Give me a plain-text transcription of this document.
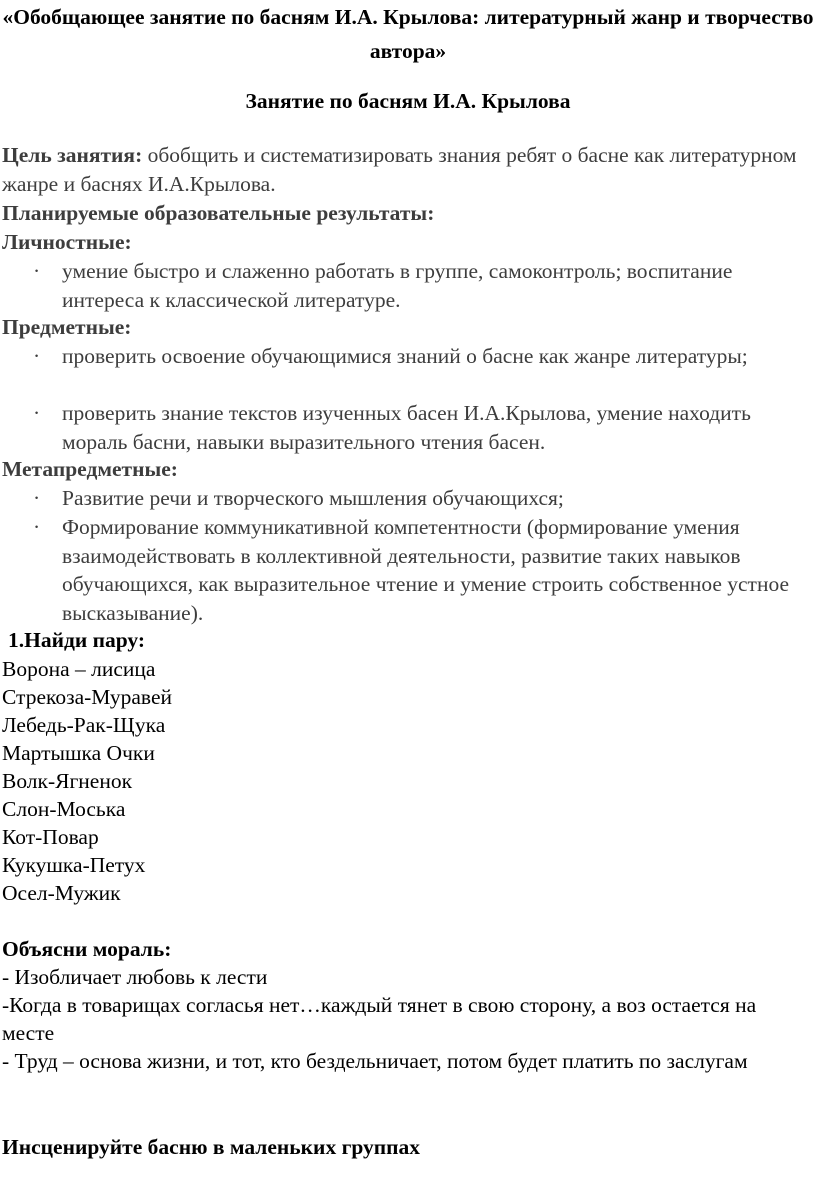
«Обобщающее занятие по басням И.А. Крылова: литературный жанр и творчество автора»
Занятие по басням И.А. Крылова
Цель занятия: обобщить и систематизировать знания ребят о басне как литературном жанре и баснях И.А.Крылова.
Планируемые образовательные результаты:
Личностные:
· умение быстро и слаженно работать в группе, самоконтроль; воспитание интереса к классической литературе.
Предметные:
· проверить освоение обучающимися знаний о басне как жанре литературы;
· проверить знание текстов изученных басен И.А.Крылова, умение находить мораль басни, навыки выразительного чтения басен.
Метапредметные:
· Развитие речи и творческого мышления обучающихся;
· Формирование коммуникативной компетентности (формирование умения взаимодействовать в коллективной деятельности, развитие таких навыков обучающихся, как выразительное чтение и умение строить собственное устное высказывание).
1.Найди пару:
Ворона – лисица
Стрекоза-Муравей
Лебедь-Рак-Щука
Мартышка Очки
Волк-Ягненок
Слон-Моська
Кот-Повар
Кукушка-Петух
Осел-Мужик
Объясни мораль:
- Изобличает любовь к лести
-Когда в товарищах согласья нет…каждый тянет в свою сторону, а воз остается на месте
- Труд – основа жизни, и тот, кто бездельничает, потом будет платить по заслугам
Инсценируйте басню в маленьких группах
